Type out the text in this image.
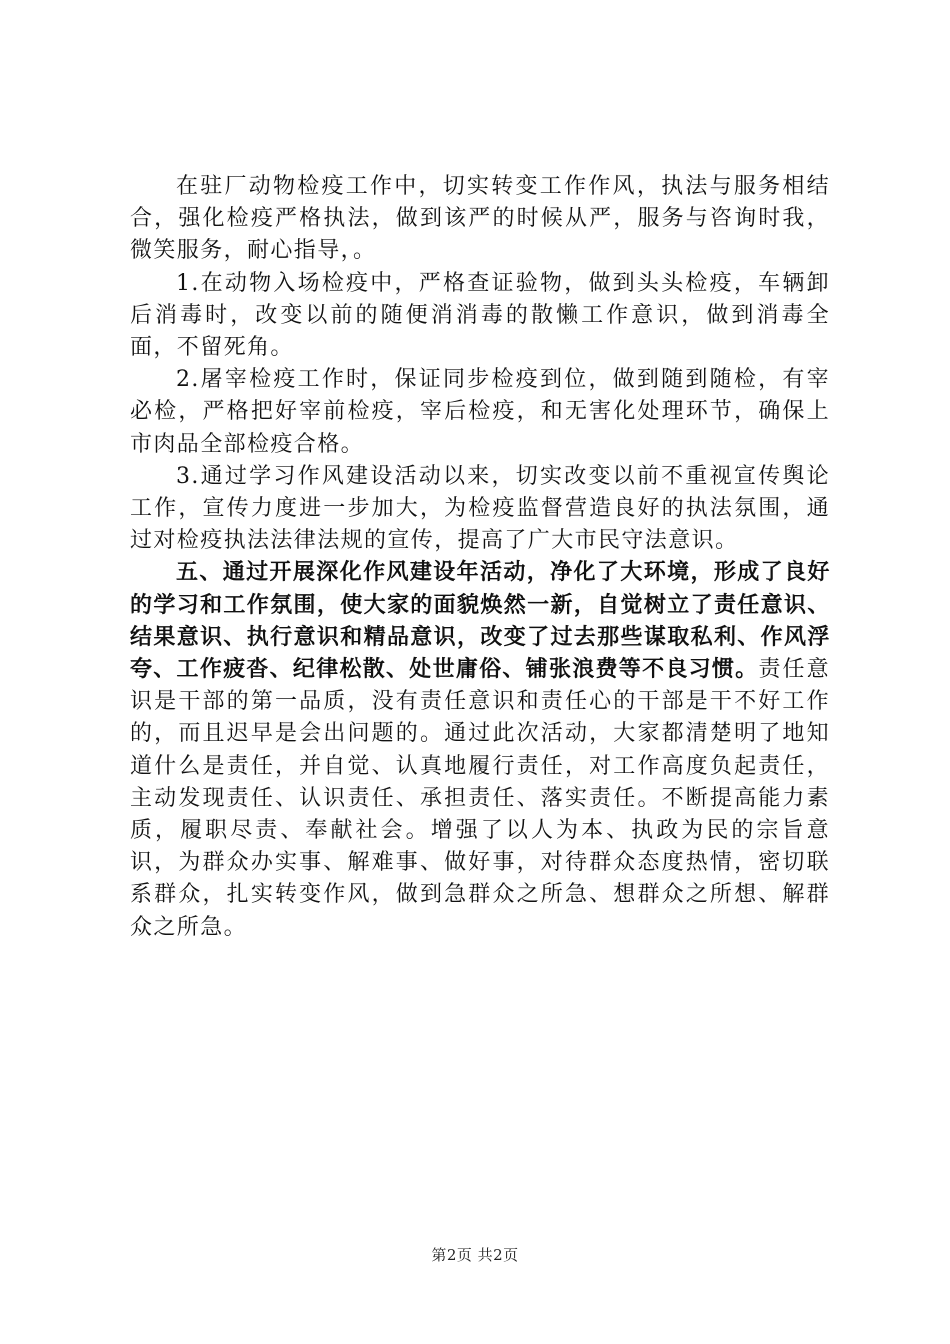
在驻厂动物检疫工作中，切实转变工作作风，执法与服务相结合，强化检疫严格执法，做到该严的时候从严，服务与咨询时我，微笑服务，耐心指导，。

1.在动物入场检疫中，严格查证验物，做到头头检疫，车辆卸后消毒时，改变以前的随便消消毒的散懒工作意识，做到消毒全面，不留死角。

2.屠宰检疫工作时，保证同步检疫到位，做到随到随检，有宰必检，严格把好宰前检疫，宰后检疫，和无害化处理环节，确保上市肉品全部检疫合格。

3.通过学习作风建设活动以来，切实改变以前不重视宣传舆论工作，宣传力度进一步加大，为检疫监督营造良好的执法氛围，通过对检疫执法法律法规的宣传，提高了广大市民守法意识。

五、通过开展深化作风建设年活动，净化了大环境，形成了良好的学习和工作氛围，使大家的面貌焕然一新，自觉树立了责任意识、结果意识、执行意识和精品意识，改变了过去那些谋取私利、作风浮夸、工作疲沓、纪律松散、处世庸俗、铺张浪费等不良习惯。责任意识是干部的第一品质，没有责任意识和责任心的干部是干不好工作的，而且迟早是会出问题的。通过此次活动，大家都清楚明了地知道什么是责任，并自觉、认真地履行责任，对工作高度负起责任，主动发现责任、认识责任、承担责任、落实责任。不断提高能力素质，履职尽责、奉献社会。增强了以人为本、执政为民的宗旨意识，为群众办实事、解难事、做好事，对待群众态度热情，密切联系群众，扎实转变作风，做到急群众之所急、想群众之所想、解群众之所急。

第2页 共2页
